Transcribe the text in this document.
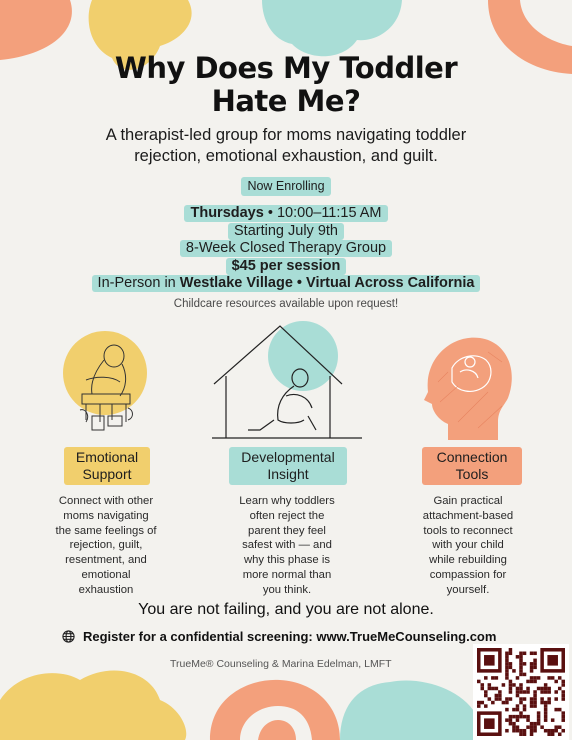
Why Does My Toddler
Hate Me?
A therapist-led group for moms navigating toddler
rejection, emotional exhaustion, and guilt.
Now Enrolling
Thursdays • 10:00–11:15 AM
Starting July 9th
8-Week Closed Therapy Group
$45 per session
In-Person in Westlake Village • Virtual Across California
Childcare resources available upon request!
Emotional
Support
Developmental
Insight
Connection
Tools
Connect with other
moms navigating
the same feelings of
rejection, guilt,
resentment, and
emotional
exhaustion
Learn why toddlers
often reject the
parent they feel
safest with — and
why this phase is
more normal than
you think.
Gain practical
attachment-based
tools to reconnect
with your child
while rebuilding
compassion for
yourself.
You are not failing, and you are not alone.
Register for a confidential screening: www.TrueMeCounseling.com
TrueMe® Counseling & Marina Edelman, LMFT
